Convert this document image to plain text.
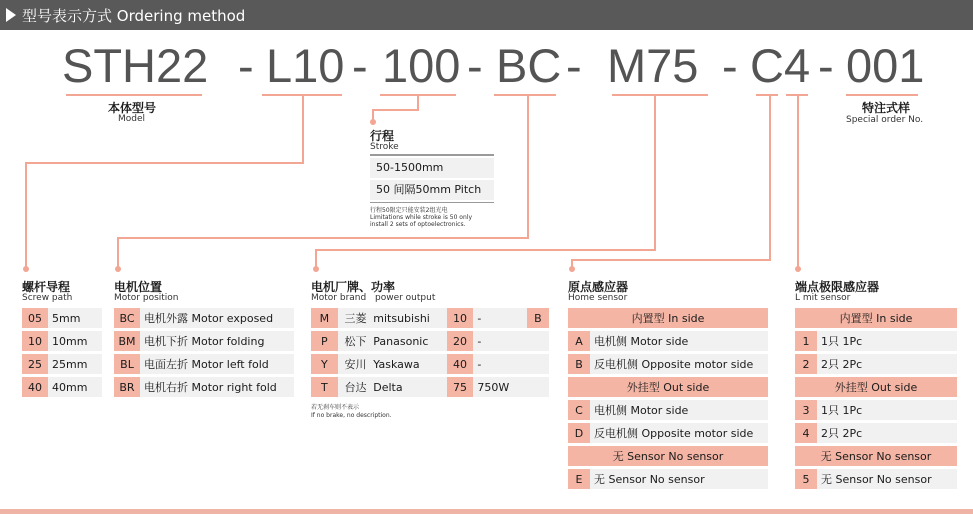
型号表示方式 Ordering method
STH22 - L10 - 100 - BC - M75 - C4 - 001
本体型号
Model
特注式样
Special order No.
行程
Stroke
50-1500mm
50 间隔50mm Pitch
行程50限定只能安装2组光电
Limitations while stroke is 50 only
install 2 sets of optoelectronics.
螺杆导程
Screw path
05	5mm
10	10mm
25	25mm
40	40mm
电机位置
Motor position
BC	电机外露 Motor exposed
BM	电机下折 Motor folding
BL	电面左折 Motor left fold
BR	电机右折 Motor right fold
电机厂牌、功率
Motor brand power output
M	三菱	mitsubishi	10	-	B
P	松下	Panasonic	20	-	
Y	安川	Yaskawa	40	-	
T	台达	Delta	75	750W	
若无刹车则不表示
If no brake, no description.
原点感应器
Home sensor
内置型 In side	
A	电机侧 Motor side
B	反电机侧 Opposite motor side
外挂型 Out side	
C	电机侧 Motor side
D	反电机侧 Opposite motor side
无 Sensor No sensor	
E	无 Sensor No sensor
端点极限感应器
L mit sensor
内置型 In side	
1	1只 1Pc
2	2只 2Pc
外挂型 Out side	
3	1只 1Pc
4	2只 2Pc
无 Sensor No sensor	
5	无 Sensor No sensor
